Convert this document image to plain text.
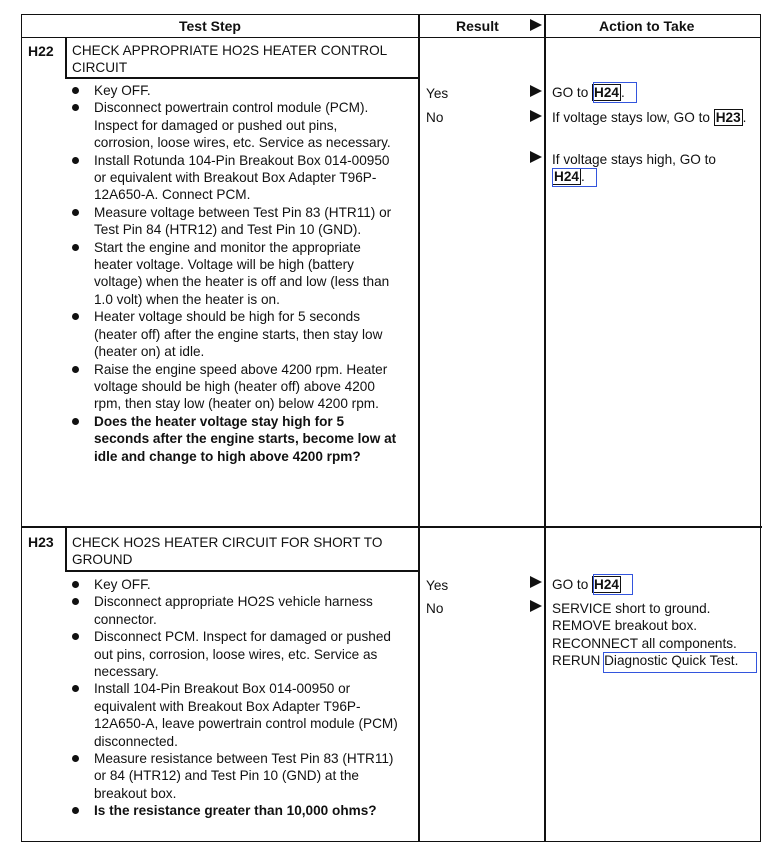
Test Step	Result	Action to Take
H22 CHECK APPROPRIATE HO2S HEATER CONTROL CIRCUIT
Key OFF.
Disconnect powertrain control module (PCM). Inspect for damaged or pushed out pins, corrosion, loose wires, etc. Service as necessary.
Install Rotunda 104-Pin Breakout Box 014-00950 or equivalent with Breakout Box Adapter T96P-12A650-A. Connect PCM.
Measure voltage between Test Pin 83 (HTR11) or Test Pin 84 (HTR12) and Test Pin 10 (GND).
Start the engine and monitor the appropriate heater voltage. Voltage will be high (battery voltage) when the heater is off and low (less than 1.0 volt) when the heater is on.
Heater voltage should be high for 5 seconds (heater off) after the engine starts, then stay low (heater on) at idle.
Raise the engine speed above 4200 rpm. Heater voltage should be high (heater off) above 4200 rpm, then stay low (heater on) below 4200 rpm.
Does the heater voltage stay high for 5 seconds after the engine starts, become low at idle and change to high above 4200 rpm?
Yes
No
GO to H24 .
If voltage stays low, GO to H23 .
If voltage stays high, GO to H24 .
H23 CHECK HO2S HEATER CIRCUIT FOR SHORT TO GROUND
Key OFF.
Disconnect appropriate HO2S vehicle harness connector.
Disconnect PCM. Inspect for damaged or pushed out pins, corrosion, loose wires, etc. Service as necessary.
Install 104-Pin Breakout Box 014-00950 or equivalent with Breakout Box Adapter T96P-12A650-A, leave powertrain control module (PCM) disconnected.
Measure resistance between Test Pin 83 (HTR11) or 84 (HTR12) and Test Pin 10 (GND) at the breakout box.
Is the resistance greater than 10,000 ohms?
Yes
No
GO to H24
SERVICE short to ground.
REMOVE breakout box.
RECONNECT all components.
RERUN Diagnostic Quick Test.
